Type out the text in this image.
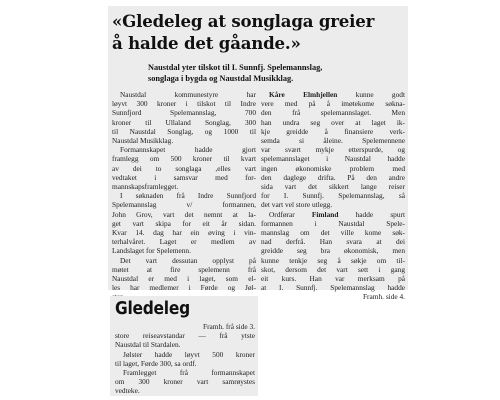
«Gledeleg at songlaga greier
å halde det gåande.»
Naustdal yter tilskot til I. Sunnfj. Spelemannslag,
songlaga i bygda og Naustdal Musikklag.
Naustdal kommunestyre har
løyvt 300 kroner i tilskot til Indre
Sunnfjord Spelemannslag, 700
kroner til Ullaland Songlag, 300
til Naustdal Songlag, og 1000 til
Naustdal Musikklag.
Formannskapet hadde gjort
framlegg om 500 kroner til kvart
av dei to songlaga ,elles vart
vedtaket i samsvar med for-
mannskapsframlegget.
I søknaden frå Indre Sunnfjord
Spelemannslag v/ formannen,
John Grov, vart det nemnt at la-
get vart skipa for eit år sidan.
Kvar 14. dag har ein øving i vin-
terhalvåret. Laget er medlem av
Landslaget for Spelemenn.
Det vart dessutan opplyst på
møtet at fire spelemenn frå
Naustdal er med i laget, som el-
les har medlemer i Førde og Jøl-
Kåre Elmhjellen kunne godt
vere med på å imøtekome søkna-
den frå spelemannslaget. Men
han undra seg over at laget ik-
kje greidde å finansiere verk-
semda si åleine. Spelemennene
var svært mykje etterspurde, og
spelemannslaget i Naustdal hadde
ingen økonomiske problem med
den daglege drifta. På den andre
sida vart det sikkert lange reiser
for I. Sunnfj. Spelemannslag, så
det vart vel store utlegg.
Ordførar Fimland hadde spurt
formannen i Naustdal Spele-
mannslag om det ville kome søk-
nad derfrå. Han svara at dei
greidde seg bra økonomisk, men
kunne tenkje seg å søkje om til-
skot, dersom det vart sett i gang
eit kurs. Han var merksam på
at I. Sunnfj. Spelemannslag hadde
Framh. side 4.
Gledeleg
Framh. frå side 3.
store reiseavstandar — frå ytste
Naustdal til Stardalen.
Jølster hadde løyvt 500 kroner
til laget, Førde 300, sa ordf.
Framlegget frå formannskapet
om 300 kroner vart samrøystes
vedteke.
